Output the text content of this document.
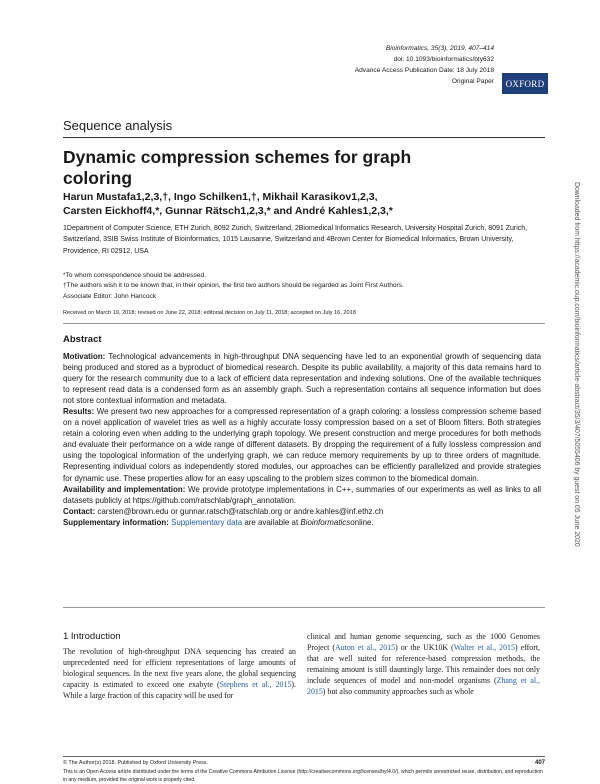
Bioinformatics, 35(3), 2019, 407–414
doi: 10.1093/bioinformatics/bty632
Advance Access Publication Date: 18 July 2018
Original Paper	OXFORD
Sequence analysis
Dynamic compression schemes for graph coloring
Harun Mustafa1,2,3,†, Ingo Schilken1,†, Mikhail Karasikov1,2,3,
Carsten Eickhoff4,*, Gunnar Rätsch1,2,3,* and André Kahles1,2,3,*
1Department of Computer Science, ETH Zurich, 8092 Zurich, Switzerland, 2Biomedical Informatics Research, University Hospital Zurich, 8091 Zurich, Switzerland, 3SIB Swiss Institute of Bioinformatics, 1015 Lausanne, Switzerland and 4Brown Center for Biomedical Informatics, Brown University, Providence, RI 02912, USA
*To whom correspondence should be addressed.
†The authors wish it to be known that, in their opinion, the first two authors should be regarded as Joint First Authors.
Associate Editor: John Hancock
Received on March 19, 2018; revised on June 22, 2018; editorial decision on July 11, 2018; accepted on July 16, 2018
Abstract

Motivation: Technological advancements in high-throughput DNA sequencing have led to an exponential growth of sequencing data being produced and stored as a byproduct of biomedical research. Despite its public availability, a majority of this data remains hard to query for the research community due to a lack of efficient data representation and indexing solutions. One of the available techniques to represent read data is a condensed form as an assembly graph. Such a representation contains all sequence information but does not store contextual information and metadata.

Results: We present two new approaches for a compressed representation of a graph coloring: a lossless compression scheme based on a novel application of wavelet tries as well as a highly accurate lossy compression based on a set of Bloom filters. Both strategies retain a coloring even when adding to the underlying graph topology. We present construction and merge procedures for both methods and evaluate their performance on a wide range of different datasets. By dropping the requirement of a fully lossless compression and using the topological information of the underlying graph, we can reduce memory requirements by up to three orders of magnitude. Representing individual colors as independently stored modules, our approaches can be efficiently parallelized and provide strategies for dynamic use. These properties allow for an easy upscaling to the problem sizes common to the biomedical domain.

Availability and implementation: We provide prototype implementations in C++, summaries of our experiments as well as links to all datasets publicly at https://github.com/ratschlab/graph_annotation.

Contact: carsten@brown.edu or gunnar.ratsch@ratschlab.org or andre.kahles@inf.ethz.ch

Supplementary information: Supplementary data are available at Bioinformaticsonline.

1 Introduction
The revolution of high-throughput DNA sequencing has created an unprecedented need for efficient representations of large amounts of biological sequences. In the next five years alone, the global sequencing capacity is estimated to exceed one exabyte (Stephens et al., 2015). While a large fraction of this capacity will be used for
clinical and human genome sequencing, such as the 1000 Genomes Project (Auton et al., 2015) or the UK10K (Walter et al., 2015) effort, that are well suited for reference-based compression methods, the remaining amount is still dauntingly large. This remainder does not only include sequences of model and non-model organisms (Zhang et al., 2015) but also community approaches such as whole
© The Author(s) 2018. Published by Oxford University Press.	407
This is an Open Access article distributed under the terms of the Creative Commons Attribution License (http://creativecommons.org/licenses/by/4.0/), which permits unrestricted reuse, distribution, and reproduction in any medium, provided the original work is properly cited.
Downloaded from https://academic.oup.com/bioinformatics/article-abstract/35/3/407/5055406 by guest on 05 June 2020
